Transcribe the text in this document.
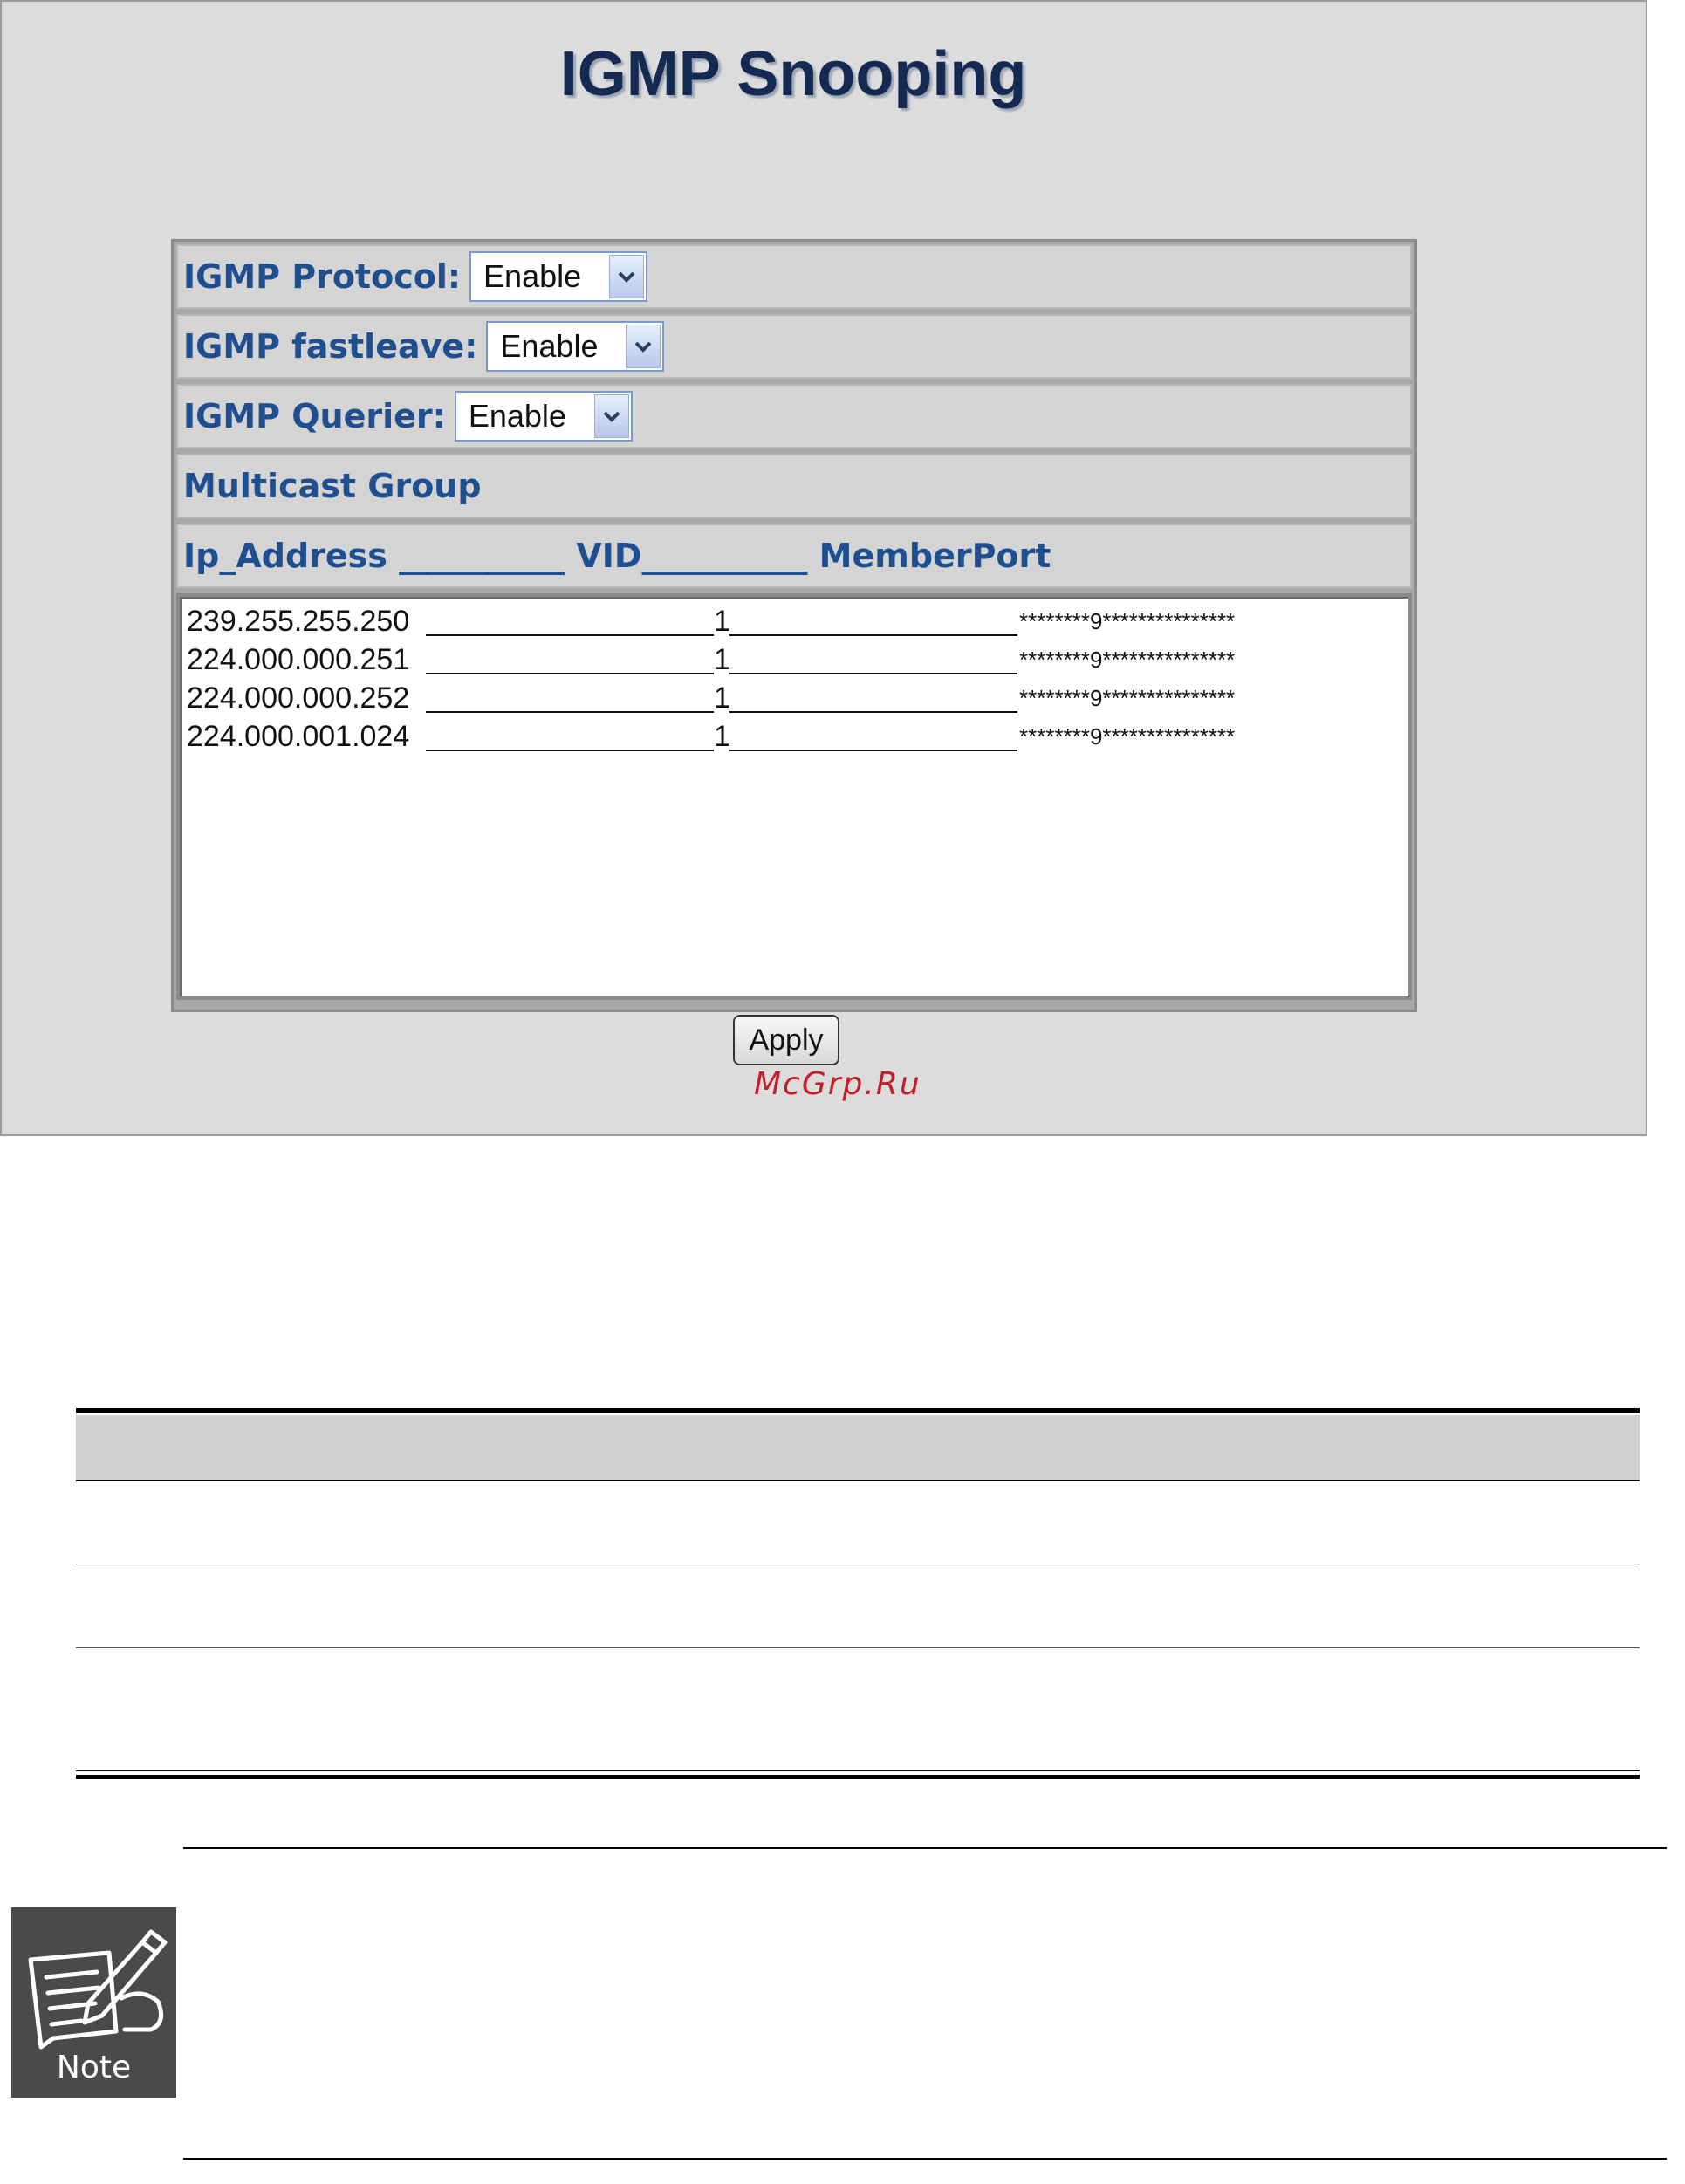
IGMP Snooping
IGMP Protocol: Enable
IGMP fastleave: Enable
IGMP Querier: Enable
Multicast Group
Ip_Address __________ VID__________ MemberPort
239.255.255.250	1	********9***************
224.000.000.251	1	********9***************
224.000.000.252	1	********9***************
224.000.001.024	1	********9***************
Apply
McGrp.Ru
Note
